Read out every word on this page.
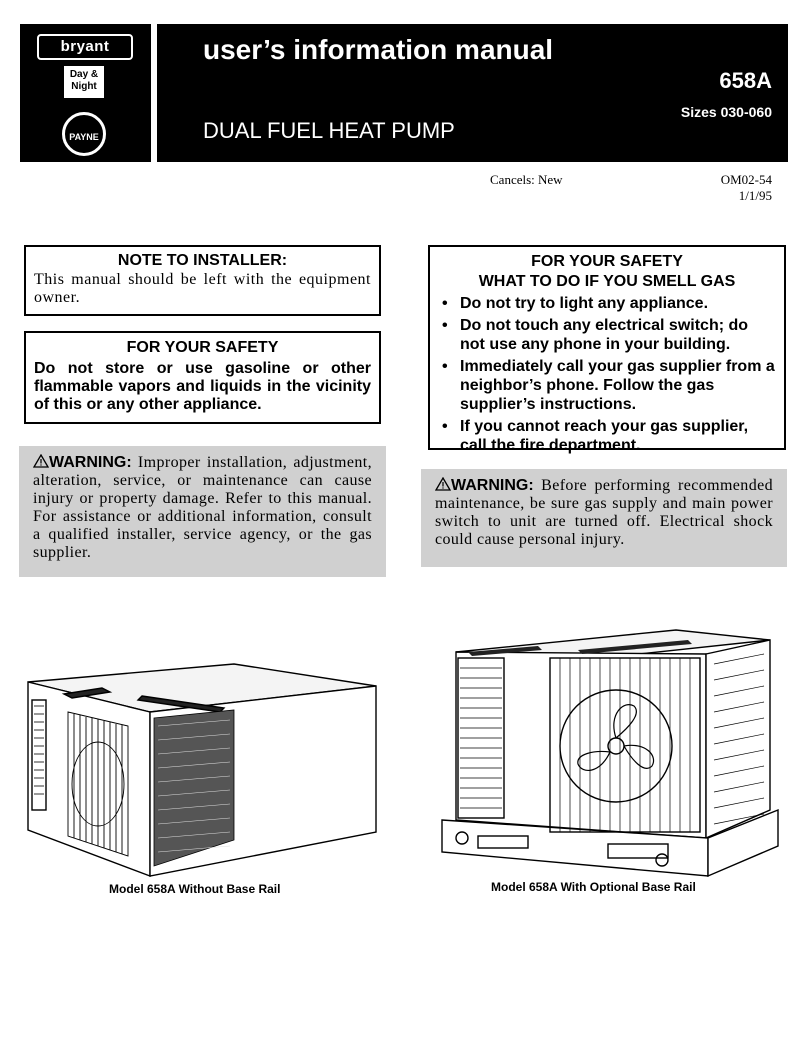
bryant
Day & Night
PAYNE
user’s information manual
658A
Sizes 030-060
DUAL FUEL HEAT PUMP
Cancels: New	OM02-54
1/1/95
NOTE TO INSTALLER:
This manual should be left with the equipment owner.
FOR YOUR SAFETY
Do not store or use gasoline or other flammable vapors and liquids in the vicinity of this or any other appliance.
FOR YOUR SAFETY
WHAT TO DO IF YOU SMELL GAS
• Do not try to light any appliance.
• Do not touch any electrical switch; do not use any phone in your building.
• Immediately call your gas supplier from a neighbor’s phone. Follow the gas supplier’s instructions.
• If you cannot reach your gas supplier, call the fire department.
WARNING: Improper installation, adjustment, alteration, service, or maintenance can cause injury or property damage. Refer to this manual. For assistance or additional information, consult a qualified installer, service agency, or the gas supplier.
WARNING: Before performing recommended maintenance, be sure gas supply and main power switch to unit are turned off. Electrical shock could cause personal injury.
Model 658A Without Base Rail	Model 658A With Optional Base Rail
